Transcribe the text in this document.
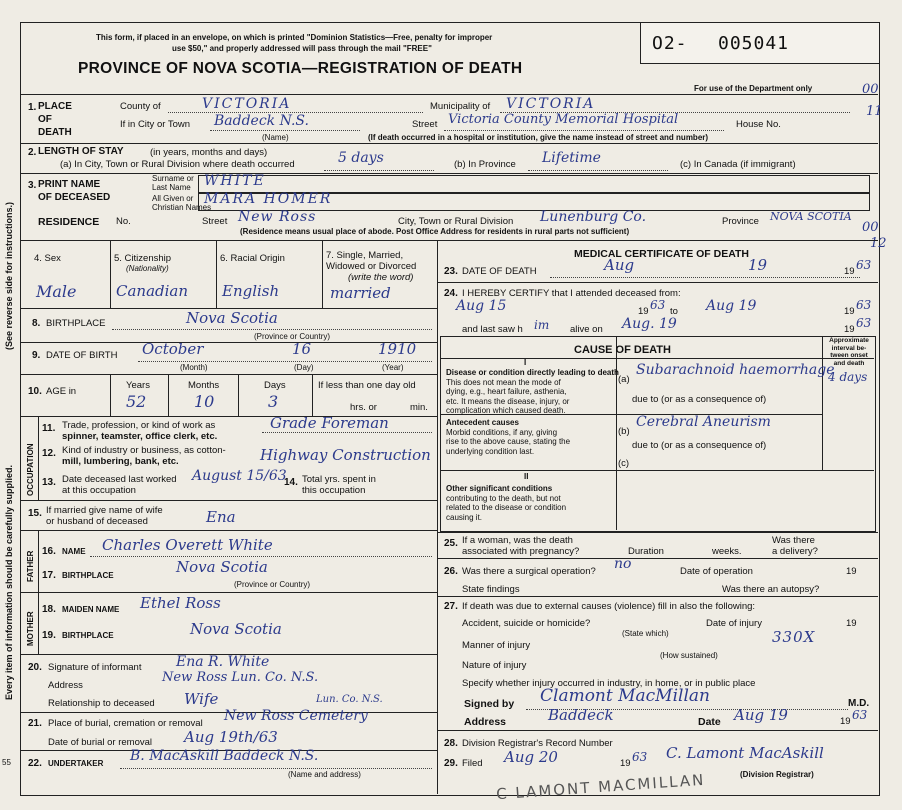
(See reverse side for instructions.)
Every item of information should be carefully supplied.
55
This form, if placed in an envelope, on which is printed "Dominion Statistics—Free, penalty for improper
use $50," and properly addressed will pass through the mail "FREE"
PROVINCE OF NOVA SCOTIA—REGISTRATION OF DEATH
O2- 005041
For use of the Department only	00
11
00
12
1. PLACE
OF
DEATH
County of	VICTORIA	Municipality of VICTORIA
If in City or Town Baddeck N.S.
(Name)
Street Victoria County Memorial Hospital	House No.
(If death occurred in a hospital or institution, give the name instead of street and number)
2. LENGTH OF STAY	(in years, months and days)
(a) In City, Town or Rural Division where death occurred	5 days	(b) In Province Lifetime	(c) In Canada (if immigrant)
3. PRINT NAME
OF DECEASED
Surname or
Last Name WHITE
All Given or
Christian Names
MARA HOMER
RESIDENCE No.	Street New Ross	City, Town or Rural Division Lunenburg Co.	Province NOVA SCOTIA
(Residence means usual place of abode. Post Office Address for residents in rural parts not sufficient)
4. Sex
Male
5. Citizenship
(Nationality)
Canadian
6. Racial Origin
English
7. Single, Married,
Widowed or Divorced
(write the word)
married
8. BIRTHPLACE	Nova Scotia
(Province or Country)
9. DATE OF BIRTH October	16	1910
(Month)	(Day)	(Year)
10. AGE in
Years	Months	Days	If less than one day old
52	10	3	hrs. or	min.
OCCUPATION
11. Trade, profession, or kind of work as
spinner, teamster, office clerk, etc.
Grade Foreman
12. Kind of industry or business, as cotton-
mill, lumbering, bank, etc.	Highway Construction
13. Date deceased last worked
at this occupation
August 15/63
14. Total yrs. spent in
this occupation
15. If married give name of wife
or husband of deceased	Ena
FATHER 16. NAME Charles Overett White
17. BIRTHPLACE	Nova Scotia
(Province or Country)
MOTHER
18. MAIDEN NAME Ethel Ross
19. BIRTHPLACE	Nova Scotia
20. Signature of informant Ena R. White
Address
New Ross Lun. Co. N.S.
Relationship to deceased Wife	Lun. Co. N.S.
21. Place of burial, cremation or removal New Ross Cemetery
Date of burial or removal Aug 19th/63
22. UNDERTAKER B. MacAskill Baddeck N.S.
(Name and address)
MEDICAL CERTIFICATE OF DEATH
23. DATE OF DEATH	Aug	19	19 63
24. I HEREBY CERTIFY that I attended deceased from:
Aug 15	19 63 to Aug 19	19 63
and last saw h im alive on Aug. 19	19 63
CAUSE OF DEATH
Approximate
interval be-
tween onset
and death
I
Disease or condition directly leading to death
This does not mean the mode of
dying, e.g., heart failure, asthenia,
etc. It means the disease, injury, or
complication which caused death.
(a)
Subarachnoid haemorrhage
4 days
due to (or as a consequence of)
Antecedent causes
Morbid conditions, if any, giving
rise to the above cause, stating the
underlying condition last.
(b)
Cerebral Aneurism
due to (or as a consequence of)
(c)
II
Other significant conditions
contributing to the death, but not
related to the disease or condition
causing it.
25. If a woman, was the death
associated with pregnancy?	Duration	weeks.
Was there
a delivery?
26. Was there a surgical operation? no	Date of operation	19
State findings	Was there an autopsy?
27. If death was due to external causes (violence) fill in also the following:
Accident, suicide or homicide?
(State which)
Date of injury	19
Manner of injury	330X
(How sustained)
Nature of injury
Specify whether injury occurred in industry, in home, or in public place
Signed by Clamont MacMillan	M.D.
Address	Baddeck	Date Aug 19	19 63
28. Division Registrar's Record Number
29. Filed Aug 20	19 63 C. Lamont MacAskill
(Division Registrar)
C LAMONT MACMILLAN
